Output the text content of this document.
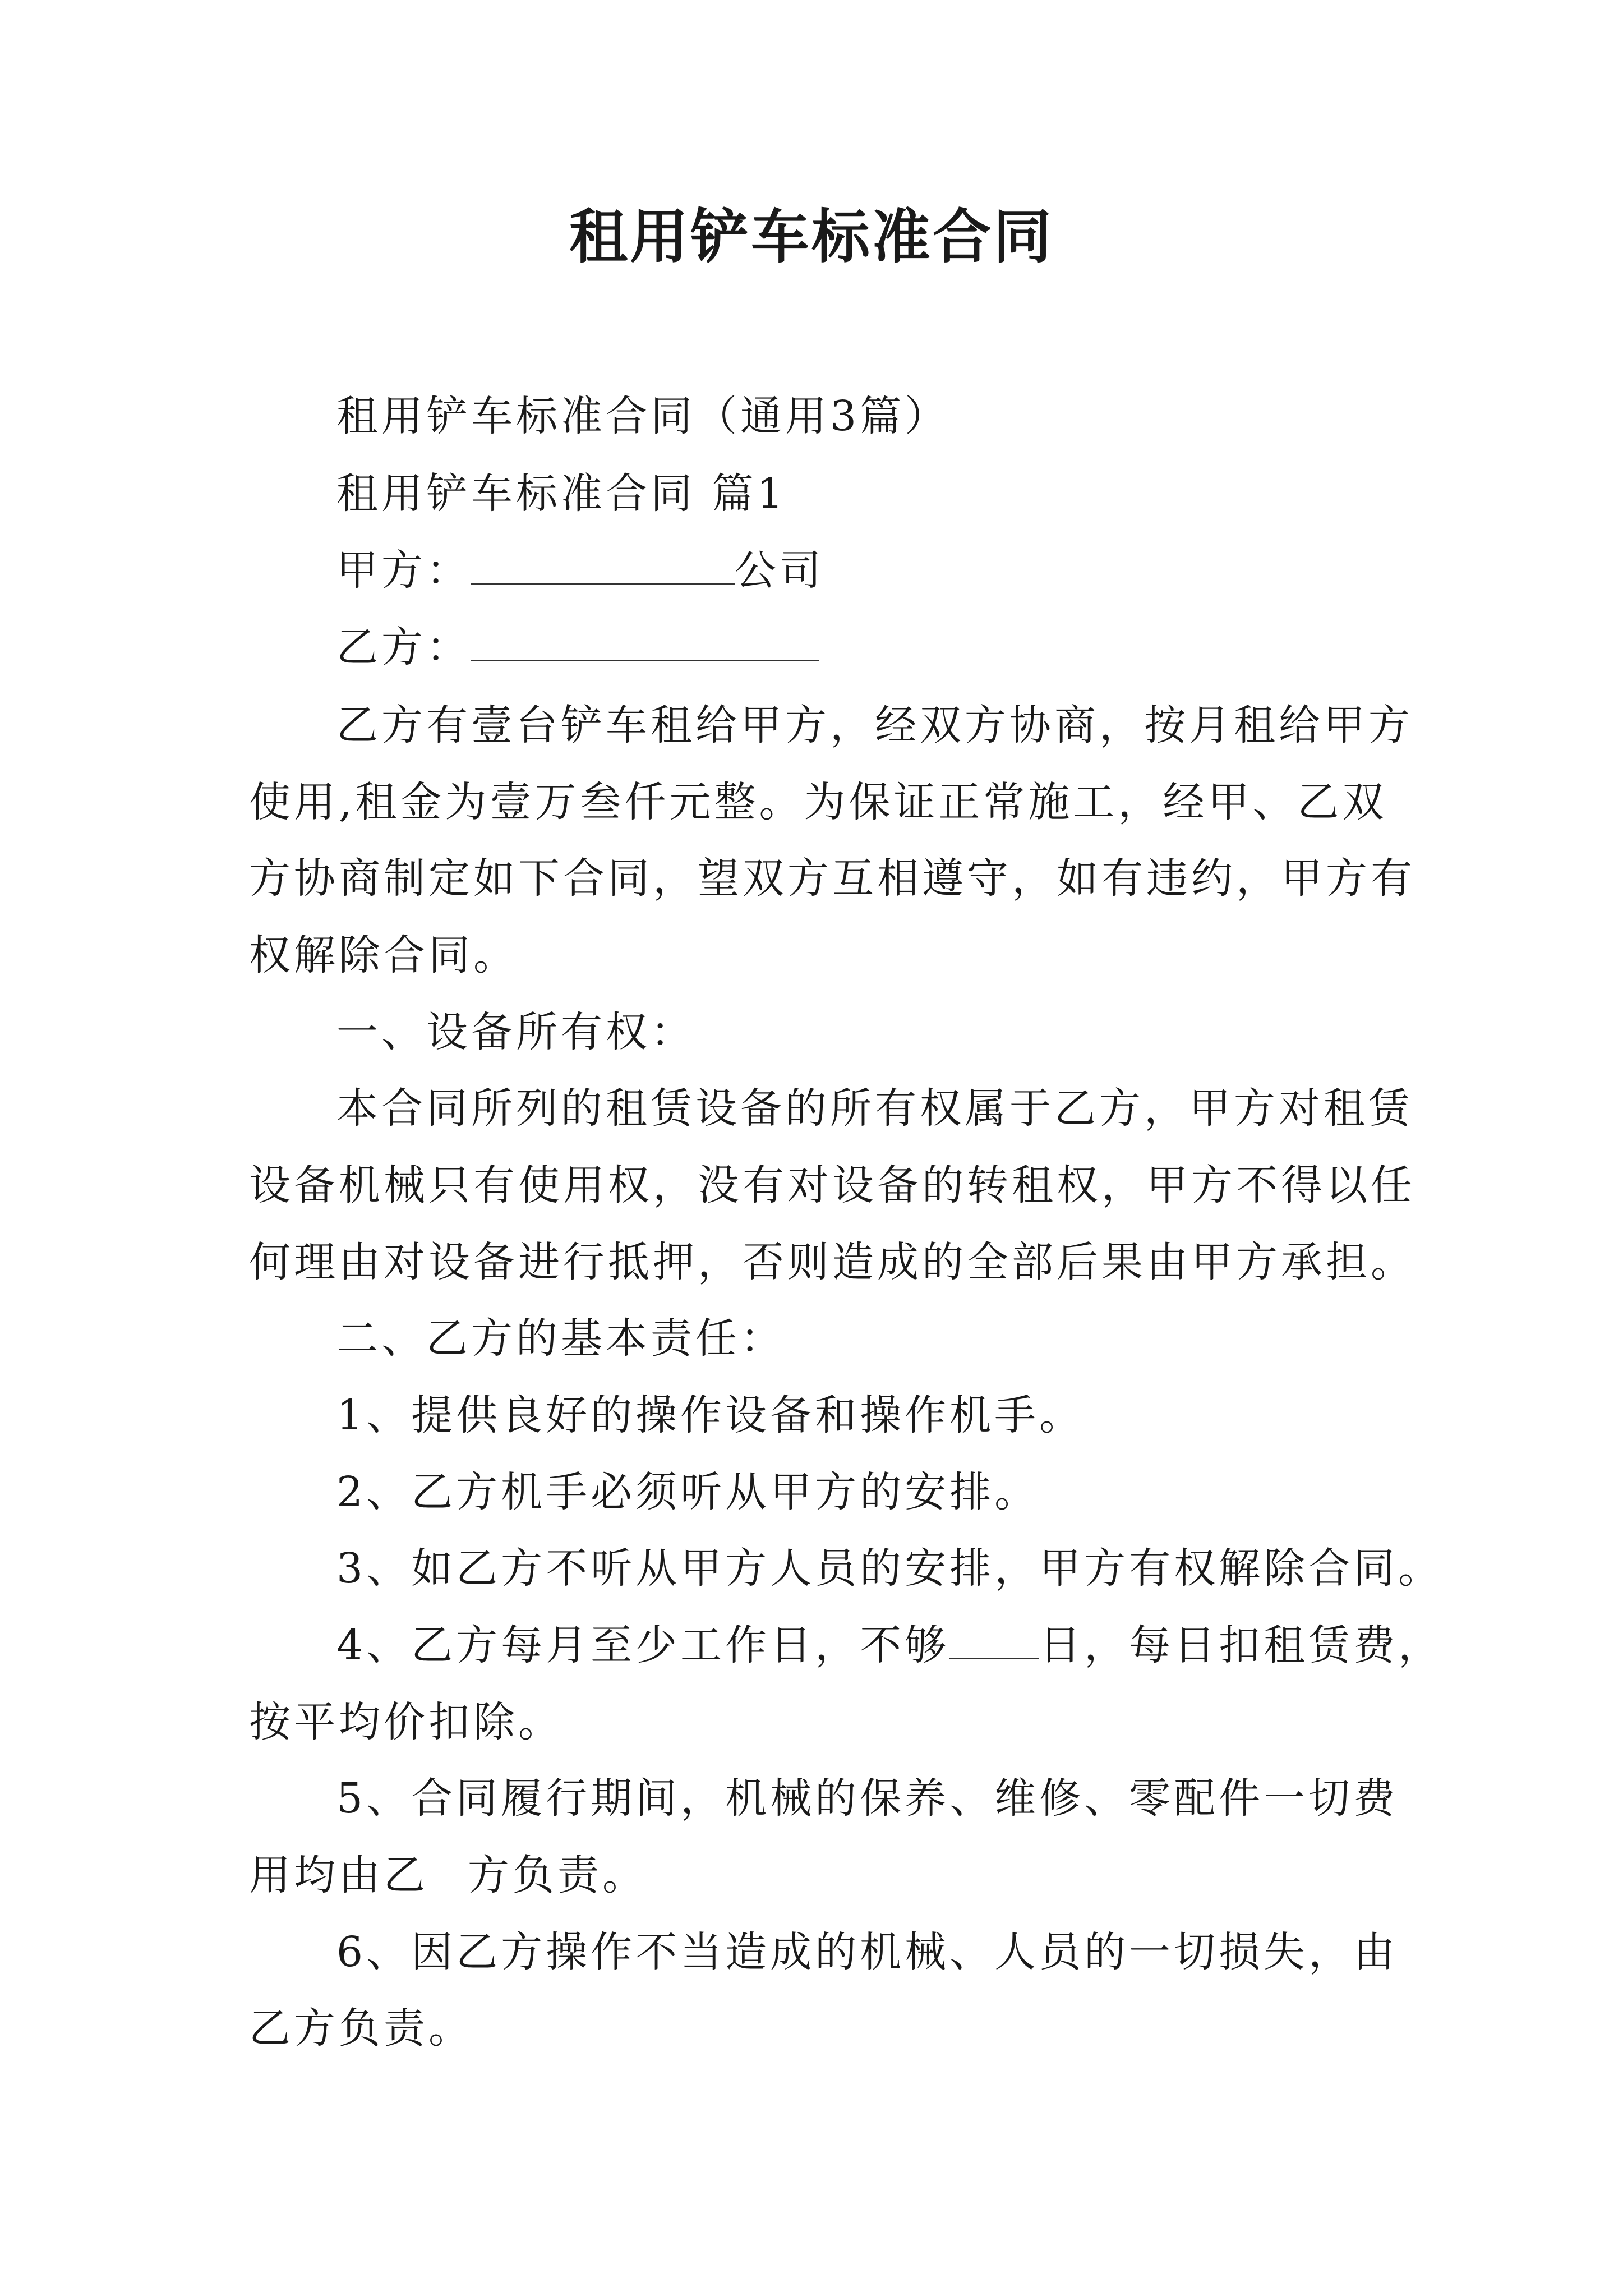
租用铲车标准合同
租用铲车标准合同（通用3篇）
租用铲车标准合同 篇1
甲方：	公司
乙方：
乙方有壹台铲车租给甲方，经双方协商，按月租给甲方
使用,租金为壹万叁仟元整。为保证正常施工，经甲、乙双
方协商制定如下合同，望双方互相遵守，如有违约，甲方有
权解除合同。
一、设备所有权：
本合同所列的租赁设备的所有权属于乙方，甲方对租赁
设备机械只有使用权，没有对设备的转租权，甲方不得以任
何理由对设备进行抵押，否则造成的全部后果由甲方承担。
二、乙方的基本责任：
1、提供良好的操作设备和操作机手。
2、乙方机手必须听从甲方的安排。
3、如乙方不听从甲方人员的安排，甲方有权解除合同。
4、乙方每月至少工作日，不够 日，每日扣租赁费，
按平均价扣除。
5、合同履行期间，机械的保养、维修、零配件一切费
用均由乙 方负责。
6、因乙方操作不当造成的机械、人员的一切损失，由
乙方负责。
